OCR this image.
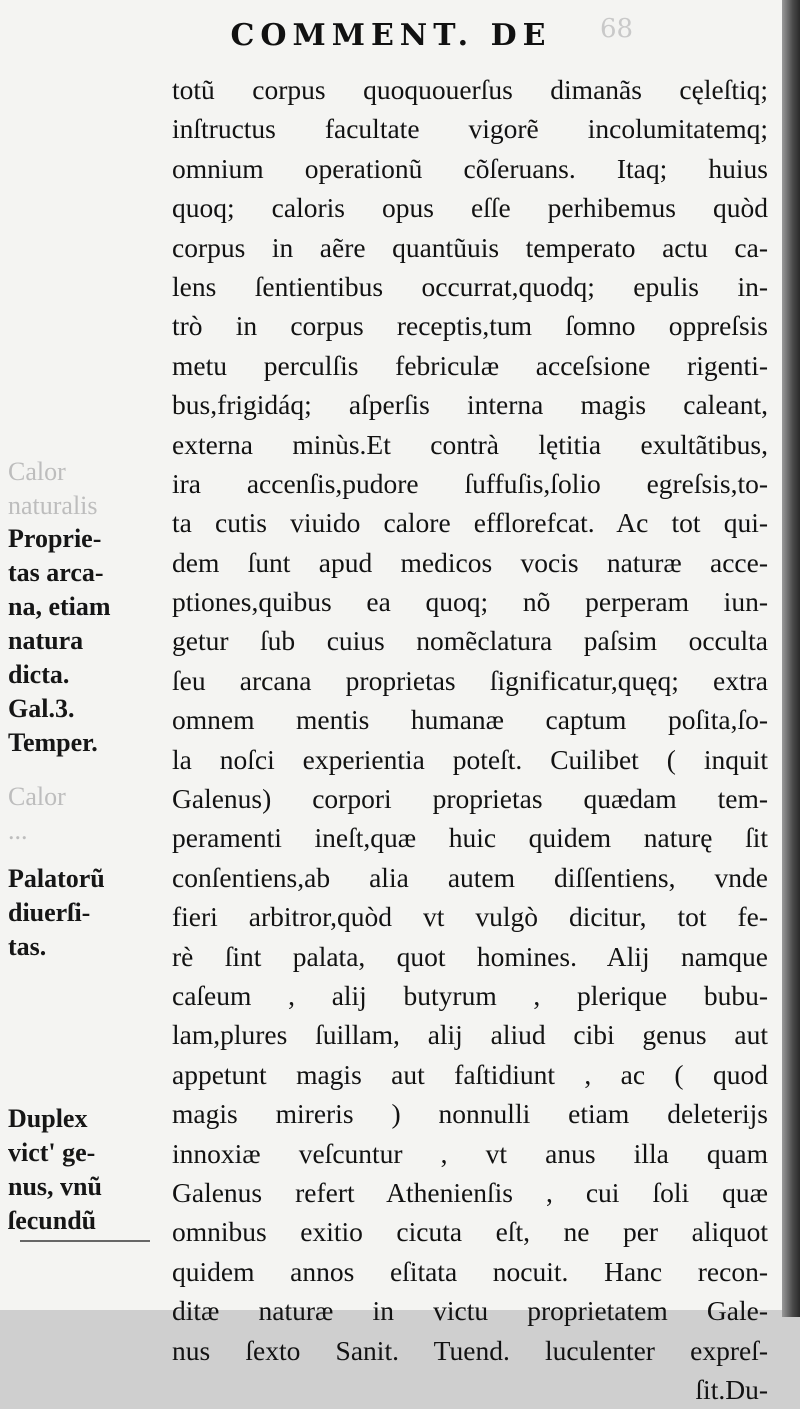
68
COMMENT. DE
totũ corpus quoquouerſus dimanãs cęleſtiq;
inſtructus facultate vigorẽ incolumitatemq;
omnium operationũ cõſeruans. Itaq; huius
quoq; caloris opus eſſe perhibemus quòd
corpus in aẽre quantũuis temperato actu ca-
lens ſentientibus occurrat,quodq; epulis in-
trò in corpus receptis,tum ſomno oppreſsis
metu perculſis febriculæ acceſsione rigenti-
bus,frigidáq; aſperſis interna magis caleant,
externa minùs.Et contrà lętitia exultãtibus,
ira accenſis,pudore ſuffuſis,ſolio egreſsis,to-
ta cutis viuido calore efflorefcat. Ac tot qui-
dem ſunt apud medicos vocis naturæ acce-
ptiones,quibus ea quoq; nõ perperam iun-
getur ſub cuius nomẽclatura paſsim occulta
ſeu arcana proprietas ſignificatur,quęq; extra
omnem mentis humanæ captum poſita,ſo-
la noſci experientia poteſt. Cuilibet ( inquit
Galenus) corpori proprietas quædam tem-
peramenti ineſt,quæ huic quidem naturę ſit
conſentiens,ab alia autem diſſentiens, vnde
fieri arbitror,quòd vt vulgò dicitur, tot fe-
rè ſint palata, quot homines. Alij namque
caſeum , alij butyrum , plerique bubu-
lam,plures ſuillam, alij aliud cibi genus aut
appetunt magis aut faſtidiunt , ac ( quod
magis mireris ) nonnulli etiam deleterijs
innoxiæ veſcuntur , vt anus illa quam
Galenus refert Athenienſis , cui ſoli quæ
omnibus exitio cicuta eſt, ne per aliquot
quidem annos eſitata nocuit. Hanc recon-
ditæ naturæ in victu proprietatem Gale-
nus ſexto Sanit. Tuend. luculenter expreſ-
ſit.Du-
Calor
naturalis
Proprie-
tas arca-
na, etiam
natura
dicta.
Gal.3.
Temper.
Calor
...
Palatorũ
diuerſi-
tas.
Duplex
vict' ge-
nus, vnũ
ſecundũ
